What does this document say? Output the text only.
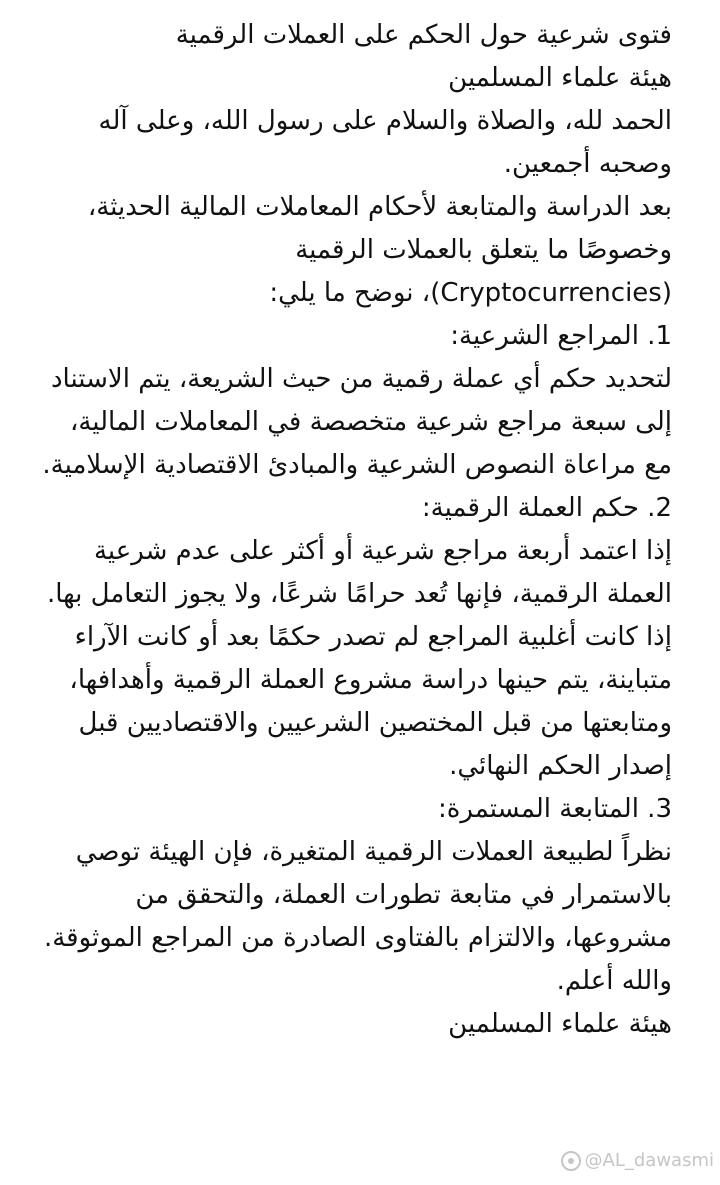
فتوى شرعية حول الحكم على العملات الرقمية

هيئة علماء المسلمين

الحمد لله، والصلاة والسلام على رسول الله، وعلى آله وصحبه أجمعين.

بعد الدراسة والمتابعة لأحكام المعاملات المالية الحديثة، وخصوصًا ما يتعلق بالعملات الرقمية (Cryptocurrencies)، نوضح ما يلي:

1. المراجع الشرعية:

لتحديد حكم أي عملة رقمية من حيث الشريعة، يتم الاستناد إلى سبعة مراجع شرعية متخصصة في المعاملات المالية، مع مراعاة النصوص الشرعية والمبادئ الاقتصادية الإسلامية.

2. حكم العملة الرقمية:

إذا اعتمد أربعة مراجع شرعية أو أكثر على عدم شرعية العملة الرقمية، فإنها تُعد حرامًا شرعًا، ولا يجوز التعامل بها.

إذا كانت أغلبية المراجع لم تصدر حكمًا بعد أو كانت الآراء متباينة، يتم حينها دراسة مشروع العملة الرقمية وأهدافها، ومتابعتها من قبل المختصين الشرعيين والاقتصاديين قبل إصدار الحكم النهائي.

3. المتابعة المستمرة:

نظراً لطبيعة العملات الرقمية المتغيرة، فإن الهيئة توصي بالاستمرار في متابعة تطورات العملة، والتحقق من مشروعها، والالتزام بالفتاوى الصادرة من المراجع الموثوقة.

والله أعلم.

هيئة علماء المسلمين

@AL_dawasmi
